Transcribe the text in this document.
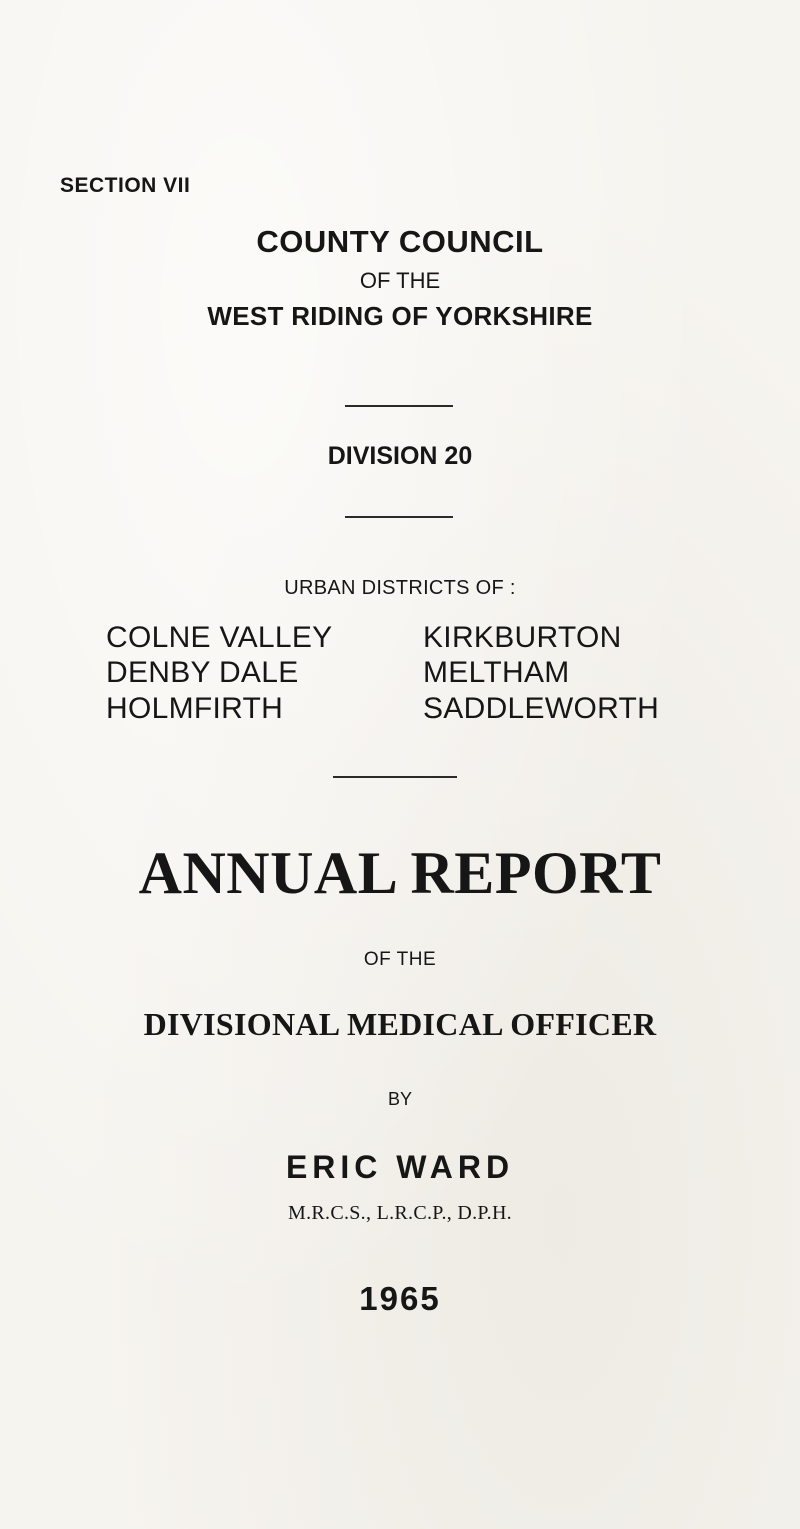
SECTION VII
COUNTY COUNCIL
OF THE
WEST RIDING OF YORKSHIRE
DIVISION 20
URBAN DISTRICTS OF :
COLNE VALLEY
DENBY DALE
HOLMFIRTH
KIRKBURTON
MELTHAM
SADDLEWORTH
ANNUAL REPORT
OF THE
DIVISIONAL MEDICAL OFFICER
BY
ERIC WARD
M.R.C.S., L.R.C.P., D.P.H.
1965
